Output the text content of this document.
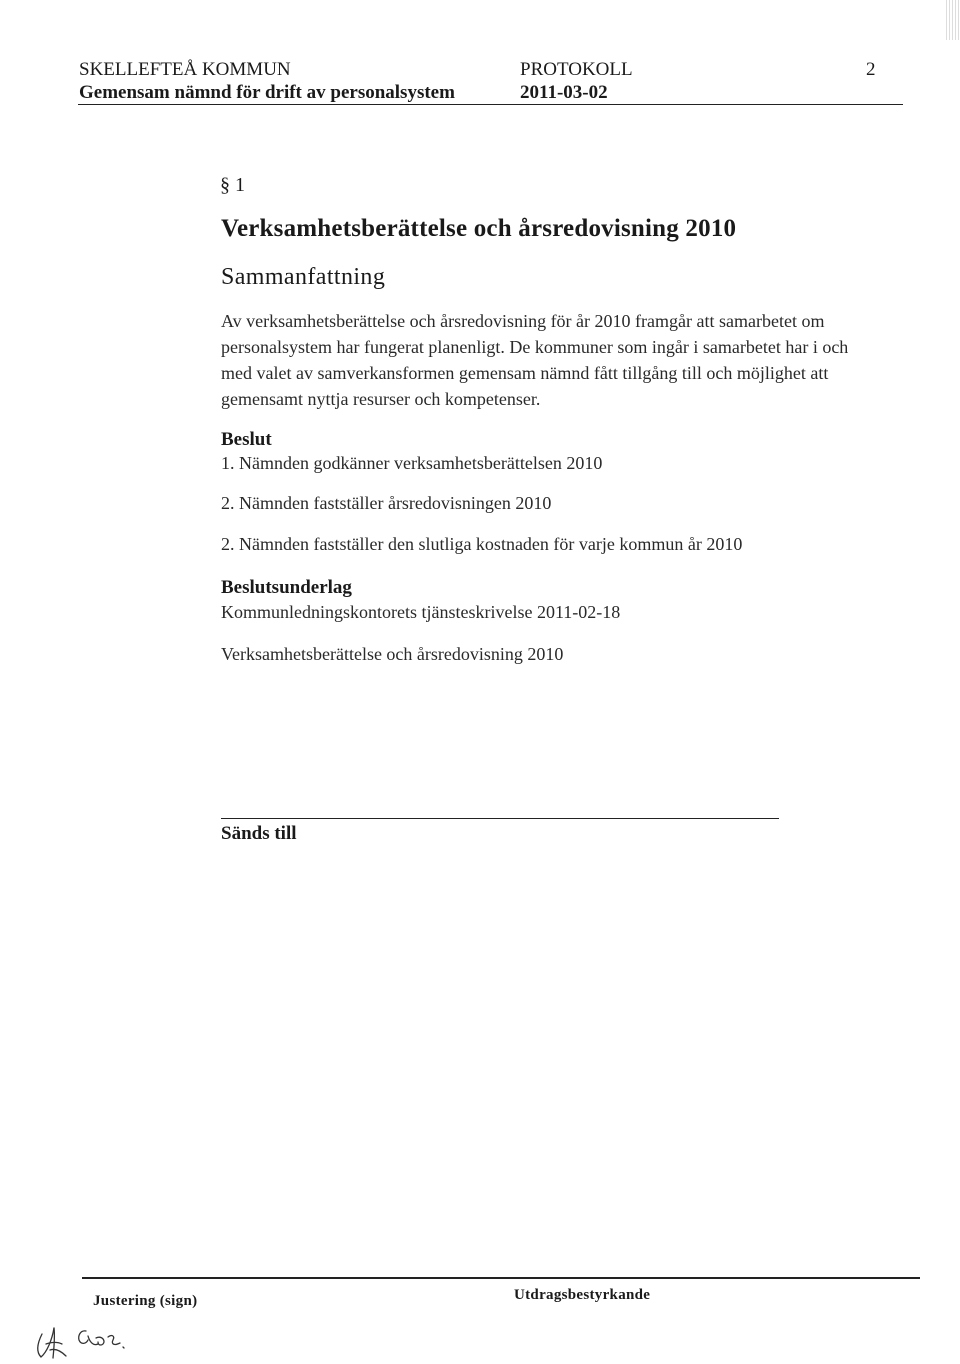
SKELLEFTEÅ KOMMUN
Gemensam nämnd för drift av personalsystem
PROTOKOLL
2011-03-02
2
§ 1
Verksamhetsberättelse och årsredovisning 2010
Sammanfattning
Av verksamhetsberättelse och årsredovisning för år 2010 framgår att samarbetet om
personalsystem har fungerat planenligt. De kommuner som ingår i samarbetet har i och
med valet av samverkansformen gemensam nämnd fått tillgång till och möjlighet att
gemensamt nyttja resurser och kompetenser.
Beslut
1. Nämnden godkänner verksamhetsberättelsen 2010
2. Nämnden fastställer årsredovisningen 2010
2. Nämnden fastställer den slutliga kostnaden för varje kommun år 2010
Beslutsunderlag
Kommunledningskontorets tjänsteskrivelse 2011-02-18
Verksamhetsberättelse och årsredovisning 2010
Sänds till
Justering (sign)	Utdragsbestyrkande
